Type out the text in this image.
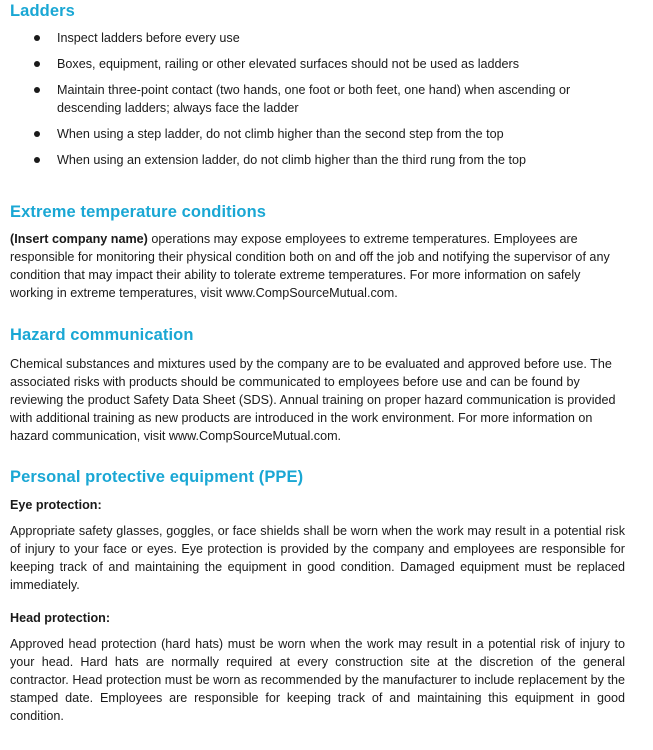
Ladders
Inspect ladders before every use
Boxes, equipment, railing or other elevated surfaces should not be used as ladders
Maintain three-point contact (two hands, one foot or both feet, one hand) when ascending or descending ladders; always face the ladder
When using a step ladder, do not climb higher than the second step from the top
When using an extension ladder, do not climb higher than the third rung from the top
Extreme temperature conditions

(Insert company name) operations may expose employees to extreme temperatures. Employees are responsible for monitoring their physical condition both on and off the job and notifying the supervisor of any condition that may impact their ability to tolerate extreme temperatures. For more information on safely working in extreme temperatures, visit www.CompSourceMutual.com.

Hazard communication

Chemical substances and mixtures used by the company are to be evaluated and approved before use. The associated risks with products should be communicated to employees before use and can be found by reviewing the product Safety Data Sheet (SDS). Annual training on proper hazard communication is provided with additional training as new products are introduced in the work environment. For more information on hazard communication, visit www.CompSourceMutual.com.

Personal protective equipment (PPE)
Eye protection:

Appropriate safety glasses, goggles, or face shields shall be worn when the work may result in a potential risk of injury to your face or eyes. Eye protection is provided by the company and employees are responsible for keeping track of and maintaining the equipment in good condition. Damaged equipment must be replaced immediately.

Head protection:

Approved head protection (hard hats) must be worn when the work may result in a potential risk of injury to your head. Hard hats are normally required at every construction site at the discretion of the general contractor. Head protection must be worn as recommended by the manufacturer to include replacement by the stamped date. Employees are responsible for keeping track of and maintaining this equipment in good condition.
